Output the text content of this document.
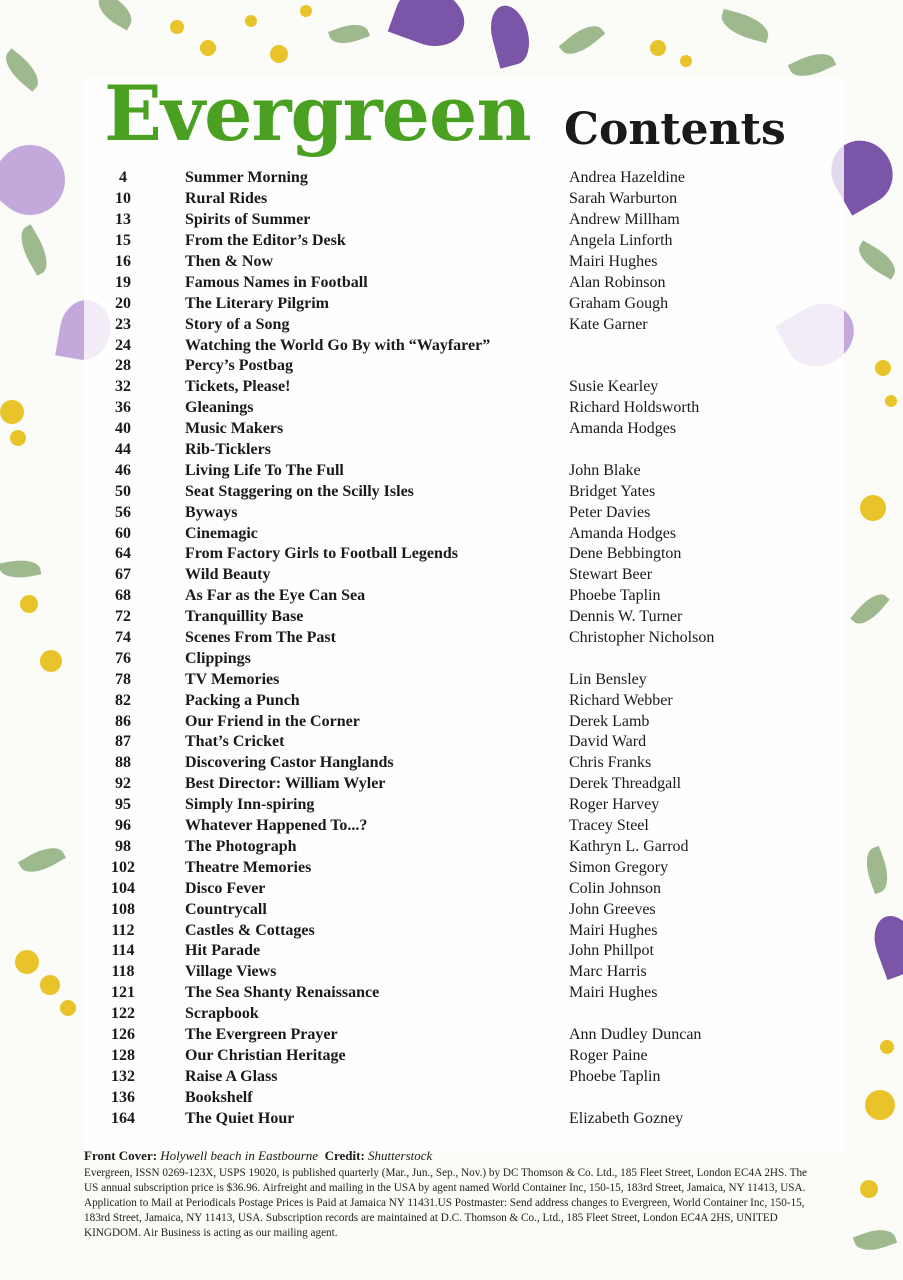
Evergreen Contents
4	Summer Morning	Andrea Hazeldine
10	Rural Rides	Sarah Warburton
13	Spirits of Summer	Andrew Millham
15	From the Editor’s Desk	Angela Linforth
16	Then & Now	Mairi Hughes
19	Famous Names in Football	Alan Robinson
20	The Literary Pilgrim	Graham Gough
23	Story of a Song	Kate Garner
24	Watching the World Go By with “Wayfarer”
28	Percy’s Postbag
32	Tickets, Please!	Susie Kearley
36	Gleanings	Richard Holdsworth
40	Music Makers	Amanda Hodges
44	Rib-Ticklers
46	Living Life To The Full	John Blake
50	Seat Staggering on the Scilly Isles	Bridget Yates
56	Byways	Peter Davies
60	Cinemagic	Amanda Hodges
64	From Factory Girls to Football Legends	Dene Bebbington
67	Wild Beauty	Stewart Beer
68	As Far as the Eye Can Sea	Phoebe Taplin
72	Tranquillity Base	Dennis W. Turner
74	Scenes From The Past	Christopher Nicholson
76	Clippings
78	TV Memories	Lin Bensley
82	Packing a Punch	Richard Webber
86	Our Friend in the Corner	Derek Lamb
87	That’s Cricket	David Ward
88	Discovering Castor Hanglands	Chris Franks
92	Best Director: William Wyler	Derek Threadgall
95	Simply Inn-spiring	Roger Harvey
96	Whatever Happened To...?	Tracey Steel
98	The Photograph	Kathryn L. Garrod
102	Theatre Memories	Simon Gregory
104	Disco Fever	Colin Johnson
108	Countrycall	John Greeves
112	Castles & Cottages	Mairi Hughes
114	Hit Parade	John Phillpot
118	Village Views	Marc Harris
121	The Sea Shanty Renaissance	Mairi Hughes
122	Scrapbook
126	The Evergreen Prayer	Ann Dudley Duncan
128	Our Christian Heritage	Roger Paine
132	Raise A Glass	Phoebe Taplin
136	Bookshelf
164	The Quiet Hour	Elizabeth Gozney
Front Cover: Holywell beach in Eastbourne Credit: Shutterstock
Evergreen, ISSN 0269-123X, USPS 19020, is published quarterly (Mar., Jun., Sep., Nov.) by DC Thomson & Co. Ltd., 185 Fleet Street, London EC4A 2HS. The US annual subscription price is $36.96. Airfreight and mailing in the USA by agent named World Container Inc, 150-15, 183rd Street, Jamaica, NY 11413, USA. Application to Mail at Periodicals Postage Prices is Paid at Jamaica NY 11431.US Postmaster: Send address changes to Evergreen, World Container Inc, 150-15, 183rd Street, Jamaica, NY 11413, USA. Subscription records are maintained at D.C. Thomson & Co., Ltd., 185 Fleet Street, London EC4A 2HS, UNITED KINGDOM. Air Business is acting as our mailing agent.
